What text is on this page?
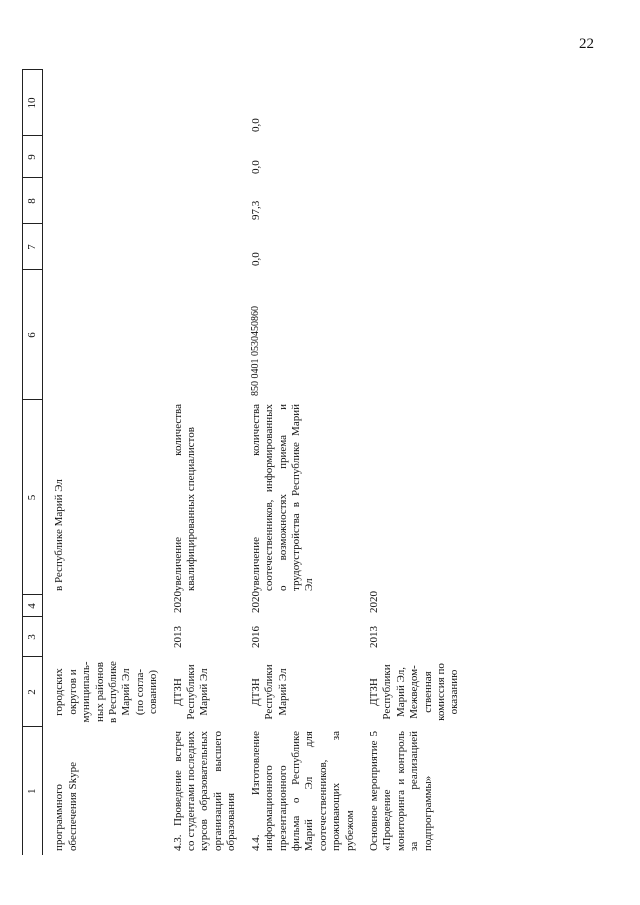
22
1	2	3	4	5	6	7	8	9	10
программного обеспечения Skype	городских округов и муниципаль- ных районов в Республике Марий Эл (по согла- сованию)			в Республике Марий Эл					
4.3. Проведение встреч со студентами последних курсов образовательных организаций высшего образования	ДТЗН Республики Марий Эл	2013	2020	увеличение количества квалифицированных специалистов					
4.4. Изготовление информационного презентационного фильма о Республике Марий Эл для соотечественников, проживающих за рубежом	ДТЗН Республики Марий Эл	2016	2020	увеличение количества соотечественников, информированных о возможностях приема и трудоустройства в Республике Марий Эл	850 0401 0530450860	0,0	97,3	0,0	0,0
Основное мероприятие 5 «Проведение мониторинга и контроль за реализацией подпрограммы»	ДТЗН Республики Марий Эл, Межведом- ственная комиссия по оказанию	2013	2020						
